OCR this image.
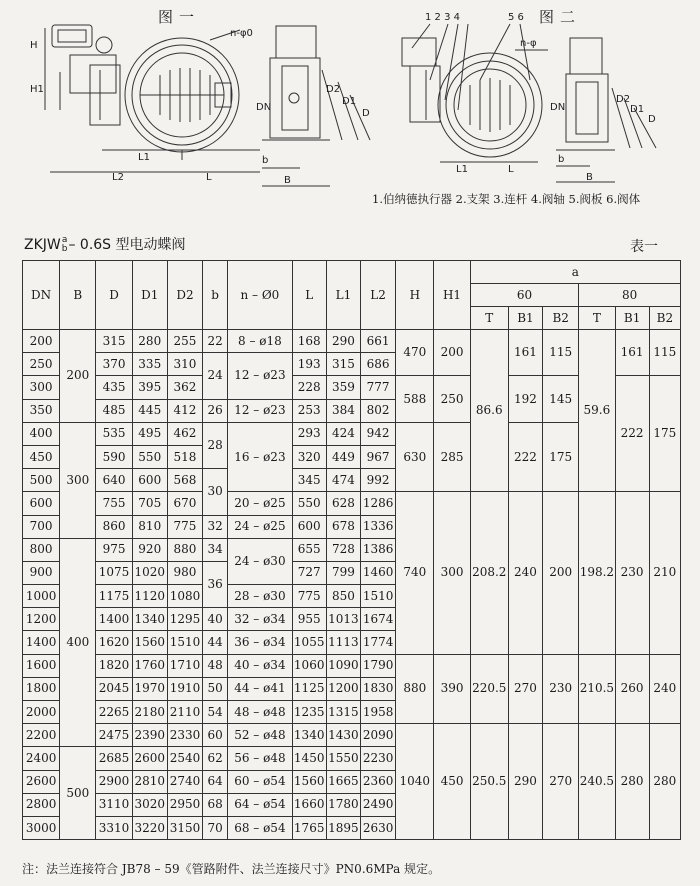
图一	图二
H
H1
n-φ0
L1
L2	L
b
B
DN
D2
D1
D
1 2 3 4	5 6
n-φ
L1	L
b
B
DN
D2
D1
D
1.伯纳德执行器 2.支架 3.连杆 4.阀轴 5.阀板 6.阀体
ZKJWa
b– 0.6S 型电动蝶阀	表一
DN	B	D	D1	D2	b	n – Ø0	L	L1	L2	H	H1	a					
												60			80		
												T	B1	B2	T	B1	B2
200	200	315	280	255	22	8 – ø18	168	290	661	470	200	86.6	161	115	59.6	161	115
250		370	335	310	24	12 – ø23	193	315	686								
300		435	395	362			228	359	777	588	250		192	145		222	175
350		485	445	412	26	12 – ø23	253	384	802								
400	300	535	495	462	28	16 – ø23	293	424	942	630	285		222	175			
450		590	550	518			320	449	967								
500		640	600	568	30		345	474	992								
600		755	705	670		20 – ø25	550	628	1286	740	300	208.2	240	200	198.2	230	210
700		860	810	775	32	24 – ø25	600	678	1336								
800	400	975	920	880	34	24 – ø30	655	728	1386								
900		1075	1020	980	36		727	799	1460								
1000		1175	1120	1080		28 – ø30	775	850	1510								
1200		1400	1340	1295	40	32 – ø34	955	1013	1674								
1400		1620	1560	1510	44	36 – ø34	1055	1113	1774								
1600		1820	1760	1710	48	40 – ø34	1060	1090	1790	880	390	220.5	270	230	210.5	260	240
1800		2045	1970	1910	50	44 – ø41	1125	1200	1830								
2000		2265	2180	2110	54	48 – ø48	1235	1315	1958								
2200		2475	2390	2330	60	52 – ø48	1340	1430	2090	1040	450	250.5	290	270	240.5	280	280
2400	500	2685	2600	2540	62	56 – ø48	1450	1550	2230								
2600		2900	2810	2740	64	60 – ø54	1560	1665	2360								
2800		3110	3020	2950	68	64 – ø54	1660	1780	2490								
3000		3310	3220	3150	70	68 – ø54	1765	1895	2630								
注：法兰连接符合 JB78 – 59《管路附件、法兰连接尺寸》PN0.6MPa 规定。
